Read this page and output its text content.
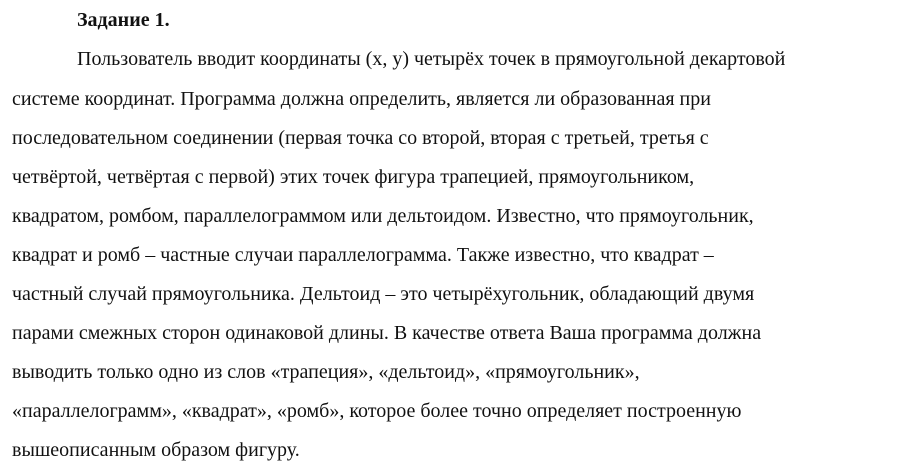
Задание 1.
Пользователь вводит координаты (x, y) четырёх точек в прямоугольной декартовой
системе координат. Программа должна определить, является ли образованная при
последовательном соединении (первая точка со второй, вторая с третьей, третья с
четвёртой, четвёртая с первой) этих точек фигура трапецией, прямоугольником,
квадратом, ромбом, параллелограммом или дельтоидом. Известно, что прямоугольник,
квадрат и ромб – частные случаи параллелограмма. Также известно, что квадрат –
частный случай прямоугольника. Дельтоид – это четырёхугольник, обладающий двумя
парами смежных сторон одинаковой длины. В качестве ответа Ваша программа должна
выводить только одно из слов «трапеция», «дельтоид», «прямоугольник»,
«параллелограмм», «квадрат», «ромб», которое более точно определяет построенную
вышеописанным образом фигуру.
